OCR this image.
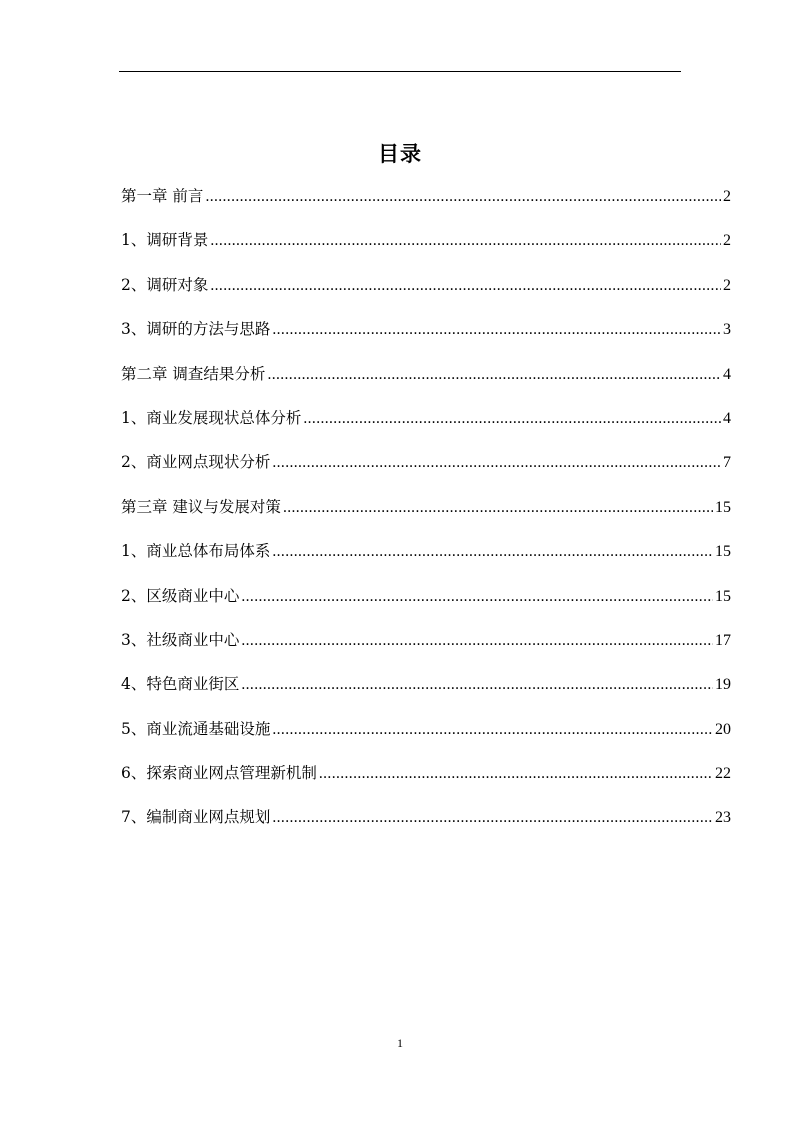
目录
第一章 前言 .....	2
1、调研背景 .....	2
2、调研对象 .....	2
3、调研的方法与思路 .....	3
第二章 调查结果分析 .....	4
1、商业发展现状总体分析 .....	4
2、商业网点现状分析 .....	7
第三章 建议与发展对策 .....	15
1、商业总体布局体系 .....	15
2、区级商业中心 .....	15
3、社级商业中心 .....	17
4、特色商业街区 .....	19
5、商业流通基础设施 .....	20
6、探索商业网点管理新机制 .....	22
7、编制商业网点规划 .....	23
1
